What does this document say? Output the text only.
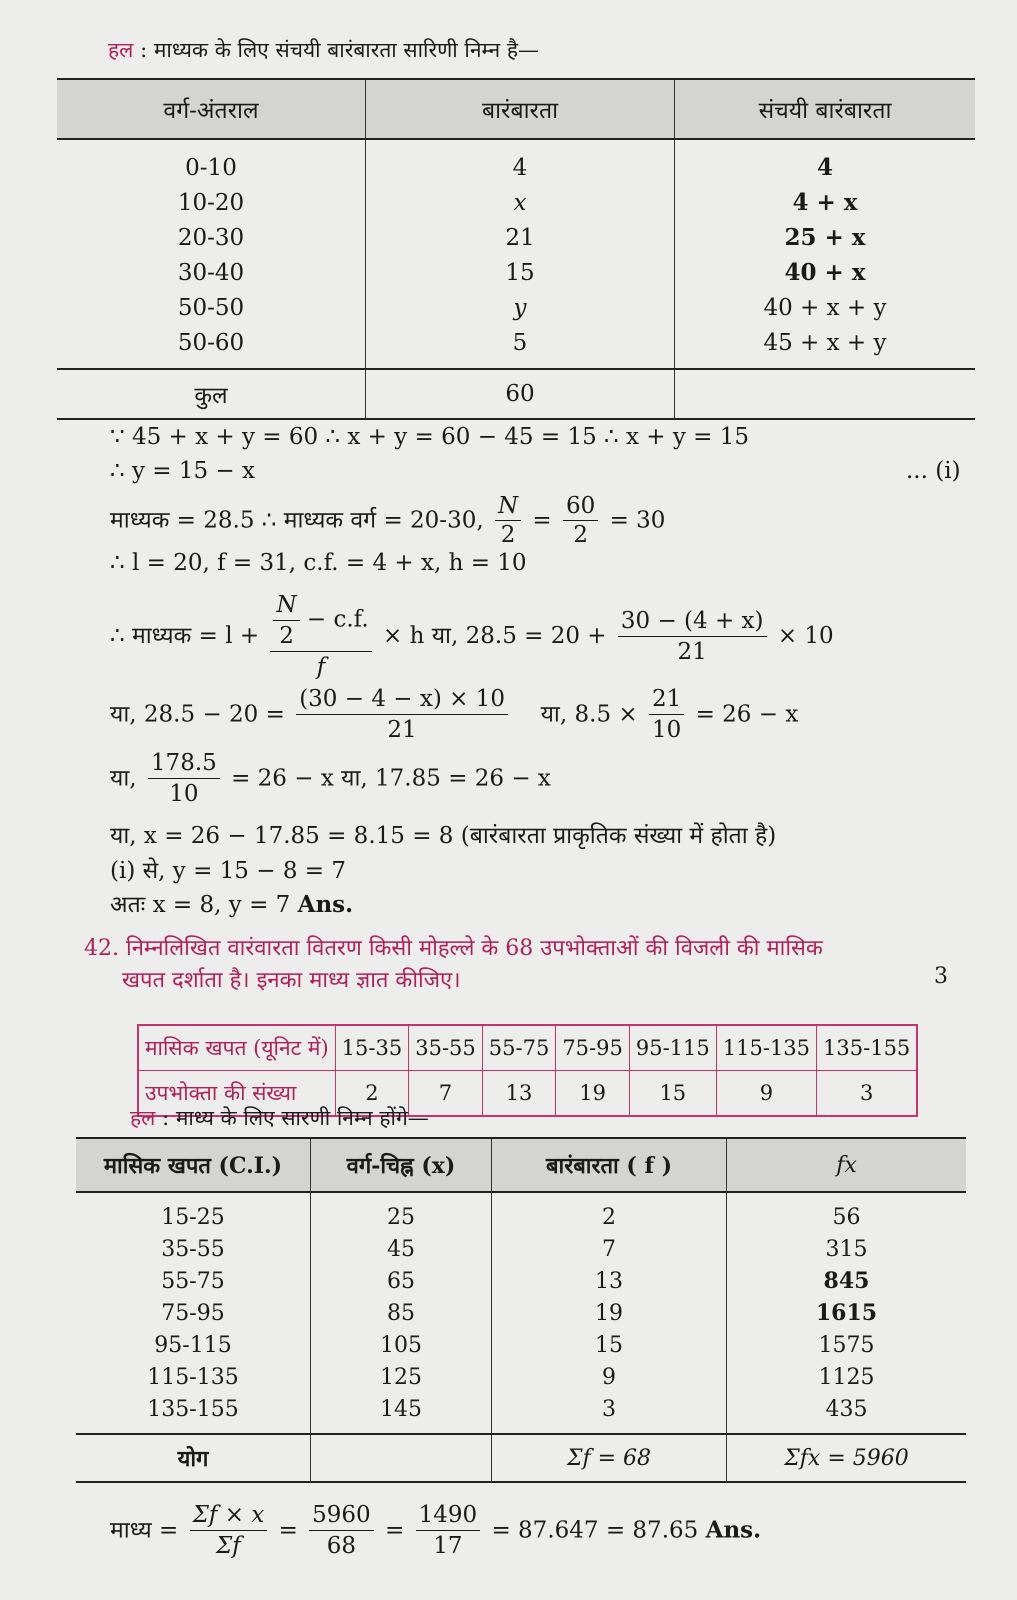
हल : माध्यक के लिए संचयी बारंबारता सारिणी निम्न है—
वर्ग-अंतराल	बारंबारता	संचयी बारंबारता
0-10	4	4
10-20	x	4 + x
20-30	21	25 + x
30-40	15	40 + x
50-50	y	40 + x + y
50-60	5	45 + x + y
कुल	60	
∵ 45 + x + y = 60 ∴ x + y = 60 − 45 = 15 ∴ x + y = 15
∴ y = 15 − x	... (i)
माध्यक = 28.5 ∴ माध्यक वर्ग = 20-30, $\frac{N}{2} = \frac{60}{2} = 30$
∴ l = 20, f = 31, c.f. = 4 + x, h = 10
∴ माध्यक = $l + \frac{\frac{N}{2} - c.f.}{f} \times h$ या, $28.5 = 20 + \frac{30 - (4 + x)}{21} \times 10$
या, $28.5 - 20 = \frac{(30 - 4 - x) \times 10}{21}$ या, $8.5 \times \frac{21}{10} = 26 - x$
या, $\frac{178.5}{10} = 26 - x$ या, 17.85 = 26 − x
या, x = 26 − 17.85 = 8.15 = 8 (बारंबारता प्राकृतिक संख्या में होता है)
(i) से, y = 15 − 8 = 7
अतः x = 8, y = 7 Ans.
42. निम्नलिखित वारंवारता वितरण किसी मोहल्ले के 68 उपभोक्ताओं की विजली की मासिक
खपत दर्शाता है। इनका माध्य ज्ञात कीजिए।	3
मासिक खपत (यूनिट में)	15-35	35-55	55-75	75-95	95-115	115-135	135-155
उपभोक्ता की संख्या	2	7	13	19	15	9	3
हल : माध्य के लिए सारणी निम्न होंगे—
मासिक खपत (C.I.)	वर्ग-चिह्न (x)	बारंबारता ( f )	fx
15-25	25	2	56
35-55	45	7	315
55-75	65	13	845
75-95	85	19	1615
95-115	105	15	1575
115-135	125	9	1125
135-155	145	3	435
योग		Σf = 68	Σfx = 5960
माध्य = $\frac{\Sigma f \times x}{\Sigma f} = \frac{5960}{68} = \frac{1490}{17} = 87.647 = 87.65$ Ans.
